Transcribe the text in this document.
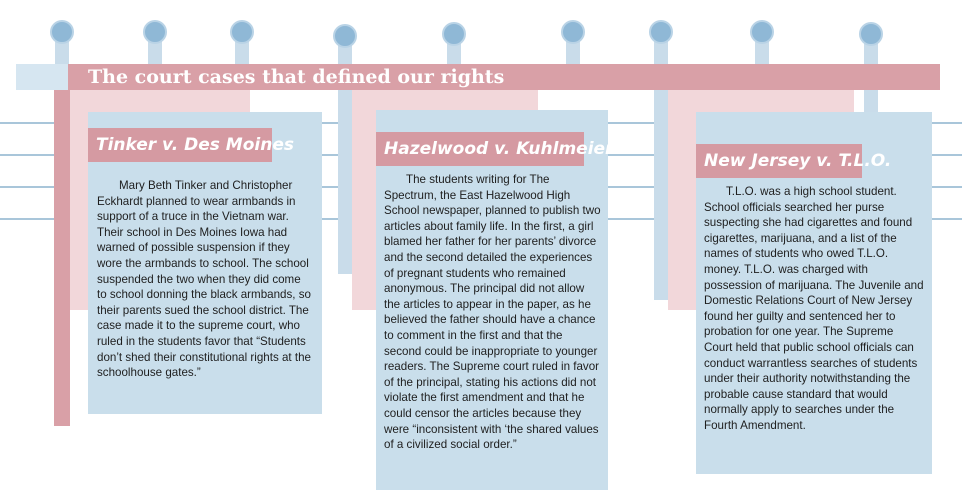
The court cases that defined our rights
Tinker v. Des Moines
Mary Beth Tinker and Christopher Eckhardt planned to wear armbands in support of a truce in the Vietnam war. Their school in Des Moines Iowa had warned of possible suspension if they wore the armbands to school. The school suspended the two when they did come to school donning the black armbands, so their parents sued the school district. The case made it to the supreme court, who ruled in the students favor that “Students don’t shed their constitutional rights at the schoolhouse gates.”
Hazelwood v. Kuhlmeier
The students writing for The Spectrum, the East Hazelwood High School newspaper, planned to publish two articles about family life. In the first, a girl blamed her father for her parents’ divorce and the second detailed the experiences of pregnant students who remained anonymous. The principal did not allow the articles to appear in the paper, as he believed the father should have a chance to comment in the first and that the second could be inappropriate to younger readers. The Supreme court ruled in favor of the principal, stating his actions did not violate the first amendment and that he could censor the articles because they were “inconsistent with ‘the shared values of a civilized social order.”
New Jersey v. T.L.O.
T.L.O. was a high school student. School officials searched her purse suspecting she had cigarettes and found cigarettes, marijuana, and a list of the names of students who owed T.L.O. money. T.L.O. was charged with possession of marijuana. The Juvenile and Domestic Relations Court of New Jersey found her guilty and sentenced her to probation for one year. The Supreme Court held that public school officials can conduct warrantless searches of students under their authority notwithstanding the probable cause standard that would normally apply to searches under the Fourth Amendment.
